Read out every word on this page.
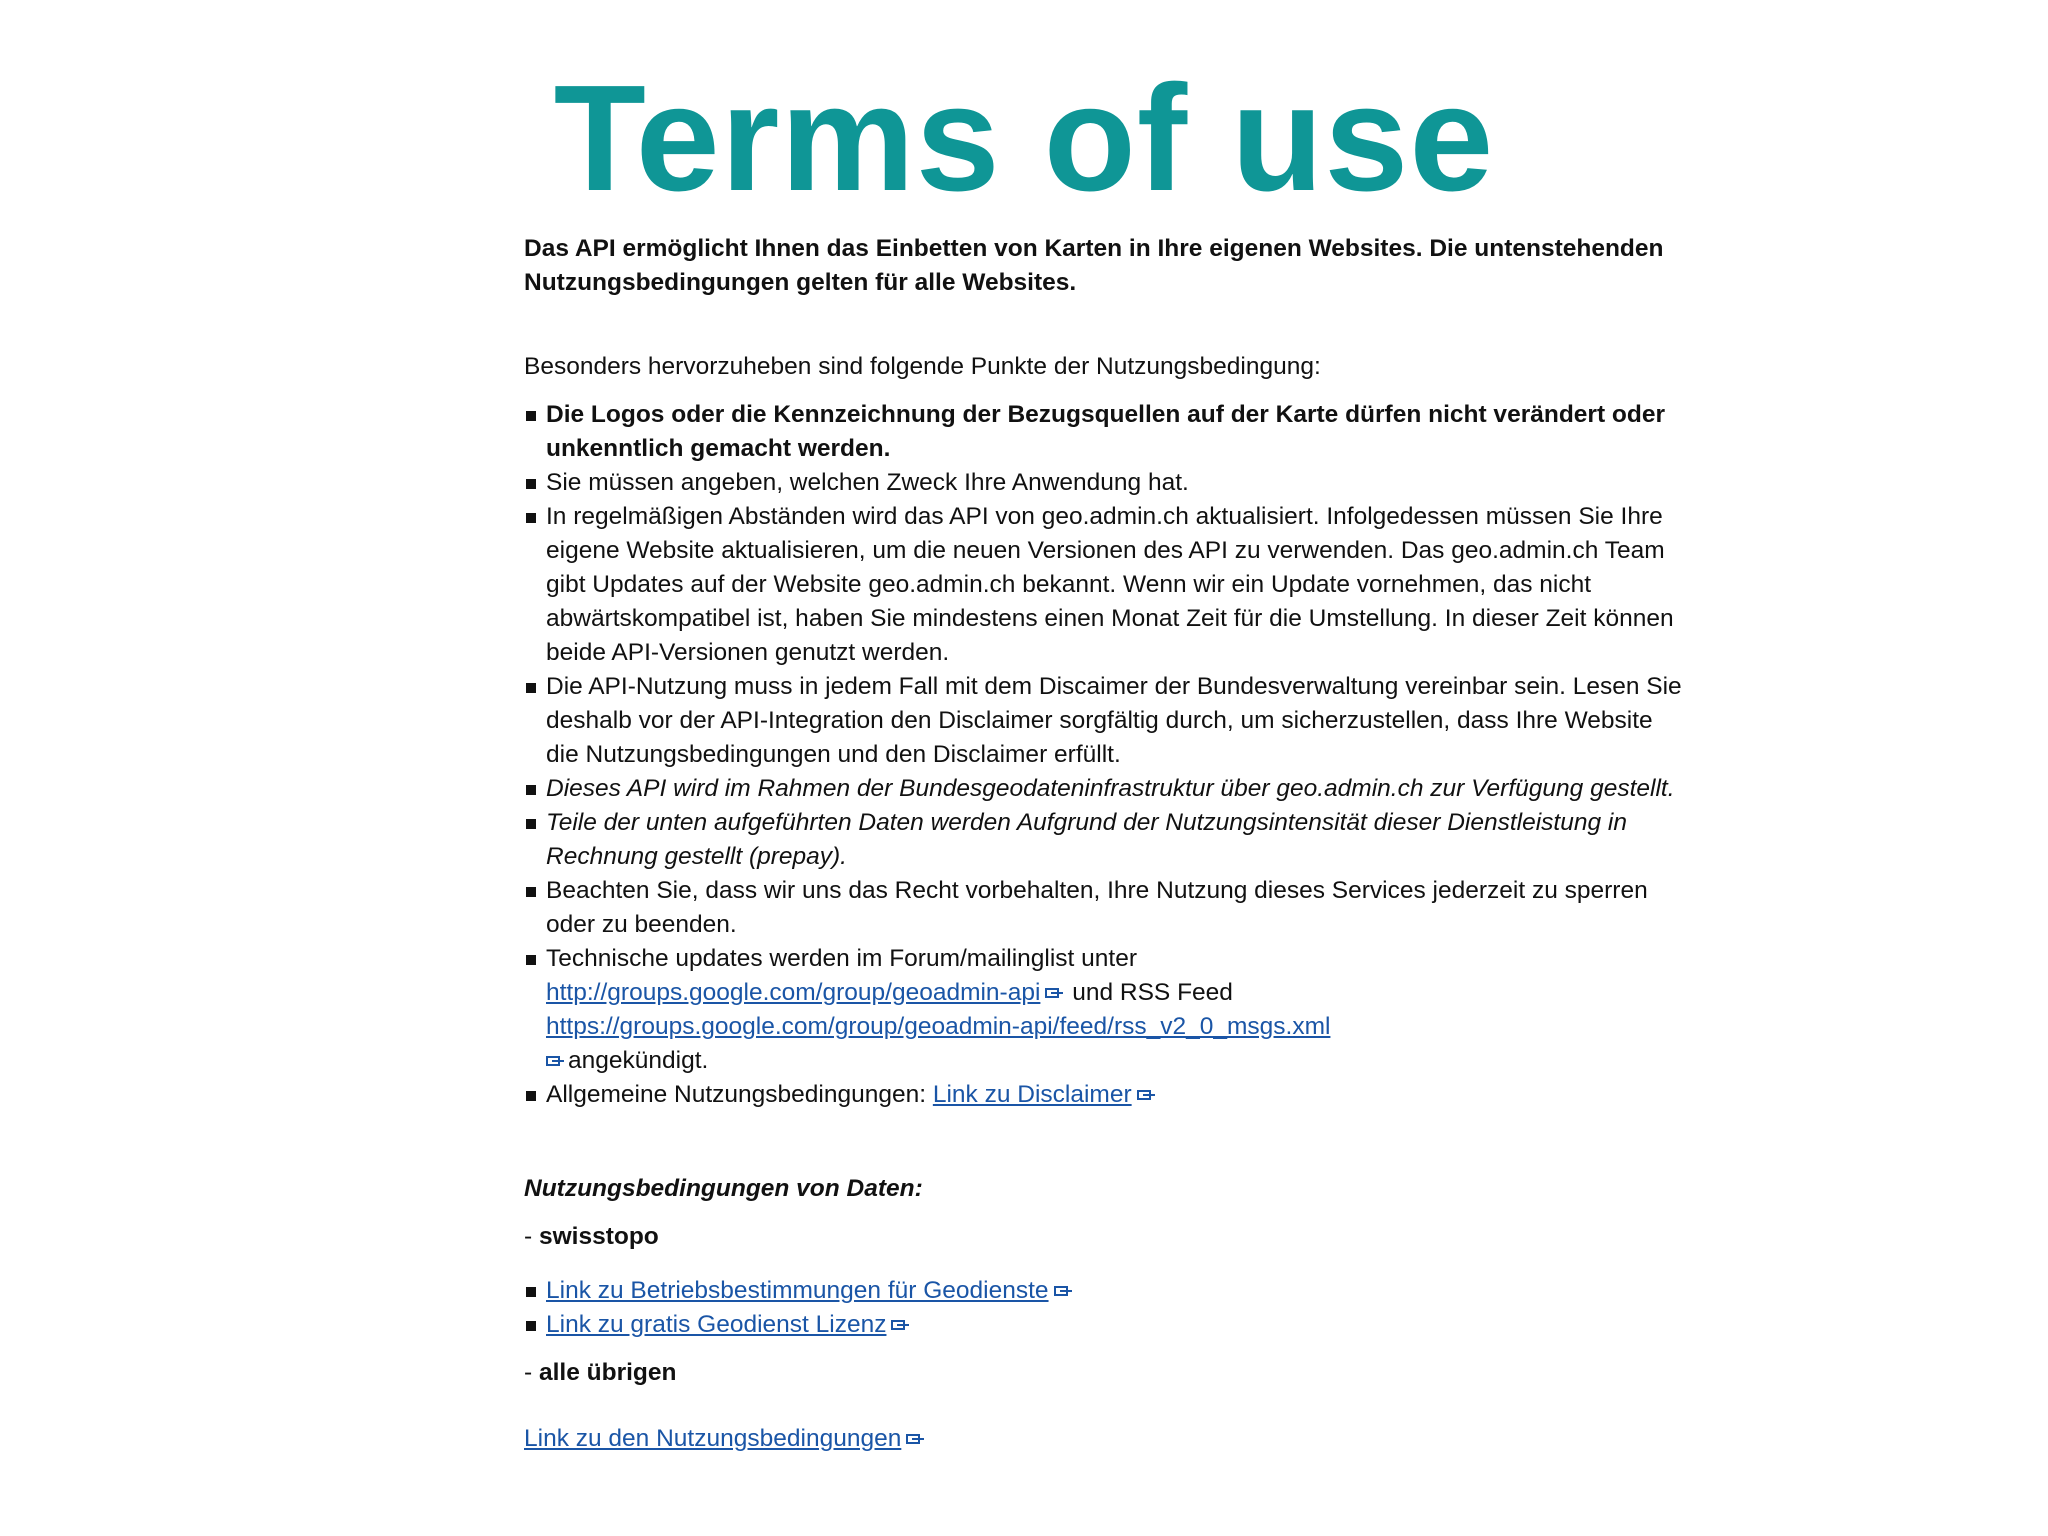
Terms of use

Das API ermöglicht Ihnen das Einbetten von Karten in Ihre eigenen Websites. Die untenstehenden Nutzungsbedingungen gelten für alle Websites.

Besonders hervorzuheben sind folgende Punkte der Nutzungsbedingung:

Die Logos oder die Kennzeichnung der Bezugsquellen auf der Karte dürfen nicht verändert oder unkenntlich gemacht werden.
Sie müssen angeben, welchen Zweck Ihre Anwendung hat.
In regelmäßigen Abständen wird das API von geo.admin.ch aktualisiert. Infolgedessen müssen Sie Ihre eigene Website aktualisieren, um die neuen Versionen des API zu verwenden. Das geo.admin.ch Team gibt Updates auf der Website geo.admin.ch bekannt. Wenn wir ein Update vornehmen, das nicht abwärtskompatibel ist, haben Sie mindestens einen Monat Zeit für die Umstellung. In dieser Zeit können beide API-Versionen genutzt werden.
Die API-Nutzung muss in jedem Fall mit dem Discaimer der Bundesverwaltung vereinbar sein. Lesen Sie deshalb vor der API-Integration den Disclaimer sorgfältig durch, um sicherzustellen, dass Ihre Website die Nutzungsbedingungen und den Disclaimer erfüllt.
Dieses API wird im Rahmen der Bundesgeodateninfrastruktur über geo.admin.ch zur Verfügung gestellt.
Teile der unten aufgeführten Daten werden Aufgrund der Nutzungsintensität dieser Dienstleistung in Rechnung gestellt (prepay).
Beachten Sie, dass wir uns das Recht vorbehalten, Ihre Nutzung dieses Services jederzeit zu sperren oder zu beenden.
Technische updates werden im Forum/mailinglist unter
http://groups.google.com/group/geoadmin-api und RSS Feed https://groups.google.com/group/geoadmin-api/feed/rss_v2_0_msgs.xml
angekündigt.
Allgemeine Nutzungsbedingungen: Link zu Disclaimer

Nutzungsbedingungen von Daten:

- swisstopo

Link zu Betriebsbestimmungen für Geodienste
Link zu gratis Geodienst Lizenz

- alle übrigen

Link zu den Nutzungsbedingungen
